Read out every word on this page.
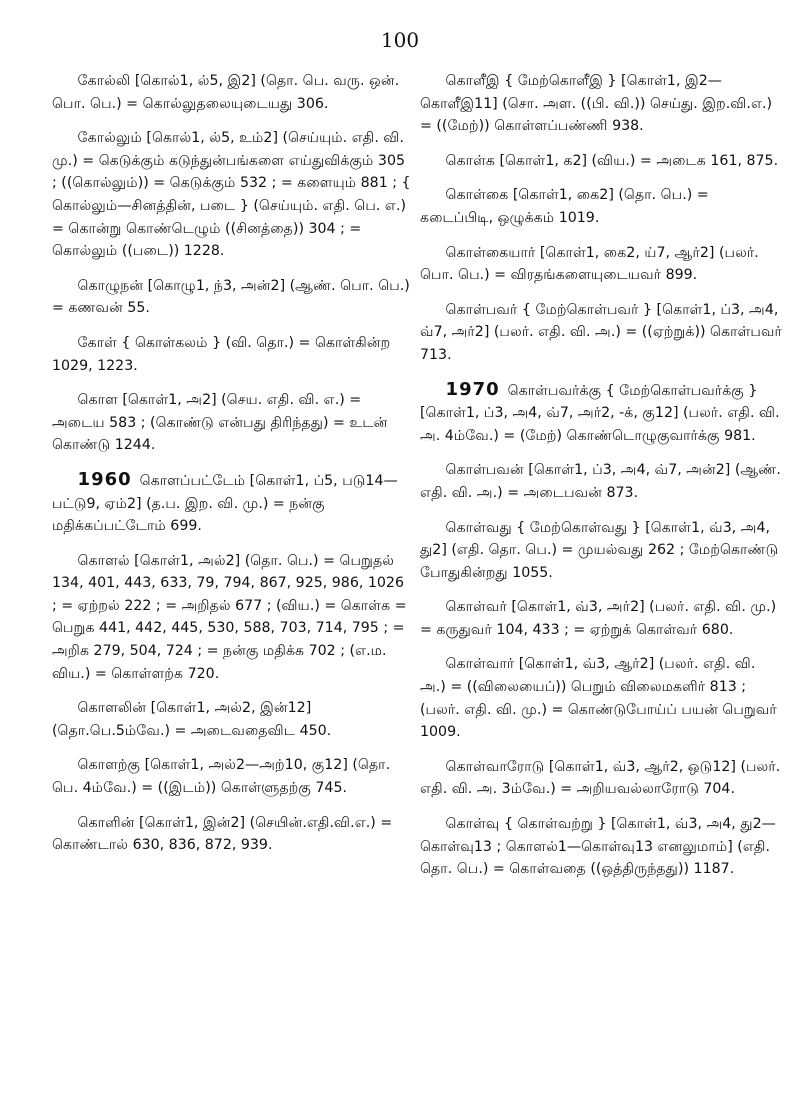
100

கோல்லி [கொல்1, ல்5, இ2] (தொ. பெ. வரு. ஒன். பொ. பெ.) = கொல்லுதலையுடையது 306.

கோல்லும் [கொல்1, ல்5, உம்2] (செய்யும். எதி. வி. மு.) = கெடுக்கும் கடுந்துன்பங்களை எய்துவிக்கும் 305 ; ((கொல்லும்)) = கெடுக்கும் 532 ; = களையும் 881 ; { கொல்லும்—சினத்தின், படை } (செய்யும். எதி. பெ. எ.) = கொன்று கொண்டெழும் ((சினத்தை)) 304 ; = கொல்லும் ((படை)) 1228.

கொழுநன் [கொழு1, ந்3, அன்2] (ஆண். பொ. பெ.) = கணவன் 55.

கோள் { கொள்கலம் } (வி. தொ.) = கொள்கின்ற 1029, 1223.

கொள [கொள்1, அ2] (செய. எதி. வி. எ.) = அடைய 583 ; (கொண்டு என்பது திரிந்தது) = உடன் கொண்டு 1244.

1960 கொளப்பட்டேம் [கொள்1, ப்5, படு14—பட்டு9, ஏம்2] (த.ப. இற. வி. மு.) = நன்கு மதிக்கப்பட்டோம் 699.

கொளல் [கொள்1, அல்2] (தொ. பெ.) = பெறுதல் 134, 401, 443, 633, 79, 794, 867, 925, 986, 1026 ; = ஏற்றல் 222 ; = அறிதல் 677 ; (விய.) = கொள்க = பெறுக 441, 442, 445, 530, 588, 703, 714, 795 ; = அறிக 279, 504, 724 ; = நன்கு மதிக்க 702 ; (எ.ம. விய.) = கொள்ளற்க 720.

கொளலின் [கொள்1, அல்2, இன்12] (தொ.பெ.5ம்வே.) = அடைவதைவிட 450.

கொளற்கு [கொள்1, அல்2—அற்10, கு12] (தொ. பெ. 4ம்வே.) = ((இடம்)) கொள்ளுதற்கு 745.

கொளின் [கொள்1, இன்2] (செயின்.எதி.வி.எ.) = கொண்டால் 630, 836, 872, 939.

கொளீஇ { மேற்கொளீஇ } [கொள்1, இ2—கொளீஇ11] (சொ. அள. ((பி. வி.)) செய்து. இற.வி.எ.) = ((மேற்)) கொள்ளப்பண்ணி 938.

கொள்க [கொள்1, க2] (விய.) = அடைக 161, 875.

கொள்கை [கொள்1, கை2] (தொ. பெ.) = கடைப்பிடி, ஒழுக்கம் 1019.

கொள்கையார் [கொள்1, கை2, ய்7, ஆர்2] (பலர். பொ. பெ.) = விரதங்களையுடையவர் 899.

கொள்பவர் { மேற்கொள்பவர் } [கொள்1, ப்3, அ4, வ்7, அர்2] (பலர். எதி. வி. அ.) = ((ஏற்றுக்)) கொள்பவர் 713.

1970 கொள்பவர்க்கு { மேற்கொள்பவர்க்கு } [கொள்1, ப்3, அ4, வ்7, அர்2, -க், கு12] (பலர். எதி. வி. அ. 4ம்வே.) = (மேற்) கொண்டொழுகுவார்க்கு 981.

கொள்பவன் [கொள்1, ப்3, அ4, வ்7, அன்2] (ஆண். எதி. வி. அ.) = அடைபவன் 873.

கொள்வது { மேற்கொள்வது } [கொள்1, வ்3, அ4, து2] (எதி. தொ. பெ.) = முயல்வது 262 ; மேற்கொண்டு போதுகின்றது 1055.

கொள்வர் [கொள்1, வ்3, அர்2] (பலர். எதி. வி. மு.) = கருதுவர் 104, 433 ; = ஏற்றுக் கொள்வர் 680.

கொள்வார் [கொள்1, வ்3, ஆர்2] (பலர். எதி. வி. அ.) = ((விலையைப்)) பெறும் விலைமகளிர் 813 ; (பலர். எதி. வி. மு.) = கொண்டுபோய்ப் பயன் பெறுவர் 1009.

கொள்வாரோடு [கொள்1, வ்3, ஆர்2, ஒடு12] (பலர். எதி. வி. அ. 3ம்வே.) = அறியவல்லாரோடு 704.

கொள்வு { கொள்வற்று } [கொள்1, வ்3, அ4, து2—கொள்வு13 ; கொளல்1—கொள்வு13 எனலுமாம்] (எதி. தொ. பெ.) = கொள்வதை ((ஒத்திருந்தது)) 1187.
